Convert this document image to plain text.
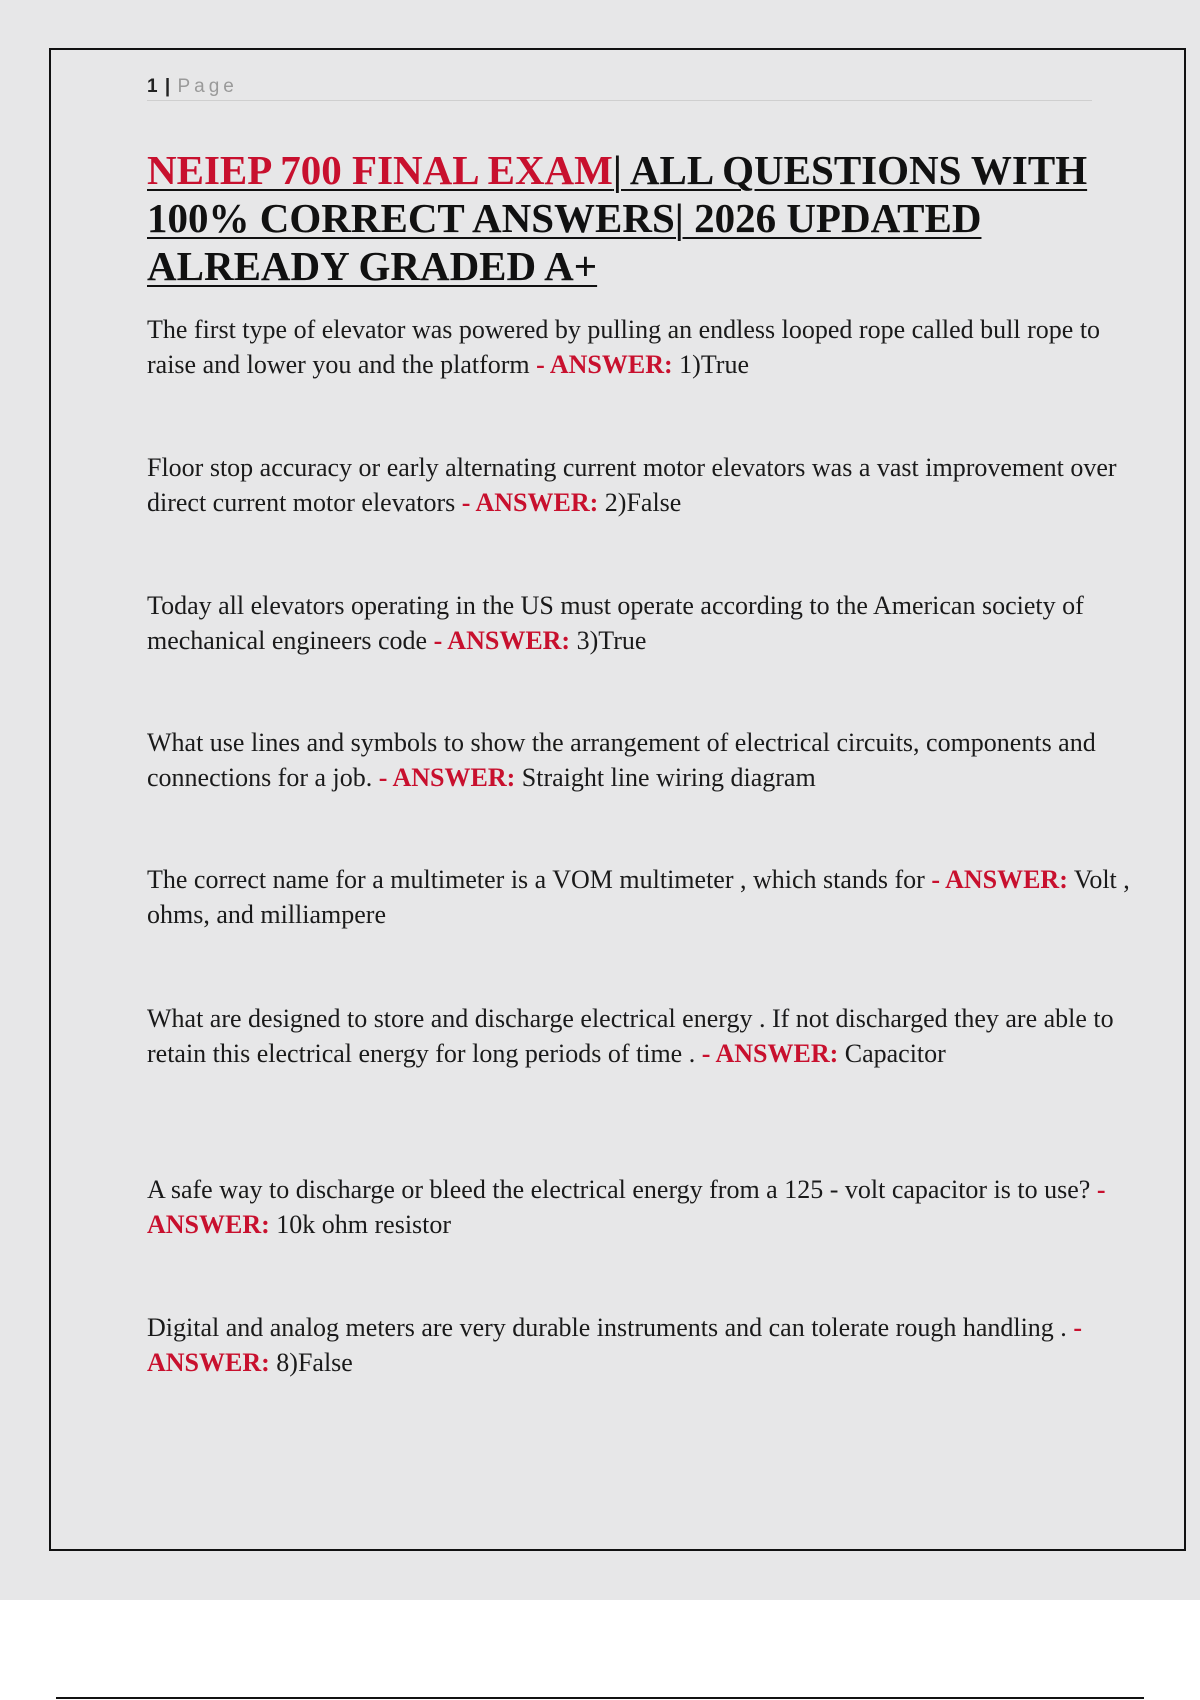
1 | Page
NEIEP 700 FINAL EXAM| ALL QUESTIONS WITH 100% CORRECT ANSWERS| 2026 UPDATED ALREADY GRADED A+

The first type of elevator was powered by pulling an endless looped rope called bull rope to raise and lower you and the platform - ANSWER: 1)True

Floor stop accuracy or early alternating current motor elevators was a vast improvement over direct current motor elevators - ANSWER: 2)False

Today all elevators operating in the US must operate according to the American society of mechanical engineers code - ANSWER: 3)True

What use lines and symbols to show the arrangement of electrical circuits, components and connections for a job. - ANSWER: Straight line wiring diagram

The correct name for a multimeter is a VOM multimeter , which stands for - ANSWER: Volt , ohms, and milliampere

What are designed to store and discharge electrical energy . If not discharged they are able to retain this electrical energy for long periods of time . - ANSWER: Capacitor

A safe way to discharge or bleed the electrical energy from a 125 - volt capacitor is to use? - ANSWER: 10k ohm resistor

Digital and analog meters are very durable instruments and can tolerate rough handling . - ANSWER: 8)False
